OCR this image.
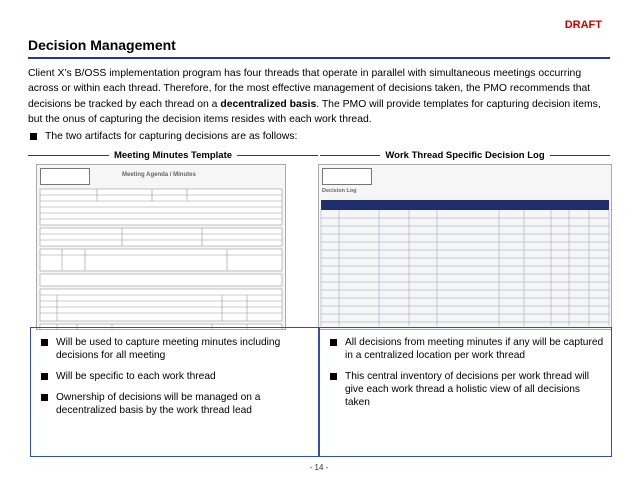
DRAFT
Decision Management
Client X’s B/OSS implementation program has four threads that operate in parallel with simultaneous meetings occurring across or within each thread. Therefore, for the most effective management of decisions taken, the PMO recommends that decisions be tracked by each thread on a decentralized basis. The PMO will provide templates for capturing decision items, but the onus of capturing the decision items resides with each work thread.
The two artifacts for capturing decisions are as follows:
Meeting Minutes Template	Work Thread Specific Decision Log
Meeting Agenda / Minutes
Decision Log
Will be used to capture meeting minutes including decisions for all meeting
Will be specific to each work thread
Ownership of decisions will be managed on a decentralized basis by the work thread lead
All decisions from meeting minutes if any will be captured in a centralized location per work thread
This central inventory of decisions per work thread will give each work thread a holistic view of all decisions taken
- 14 -
